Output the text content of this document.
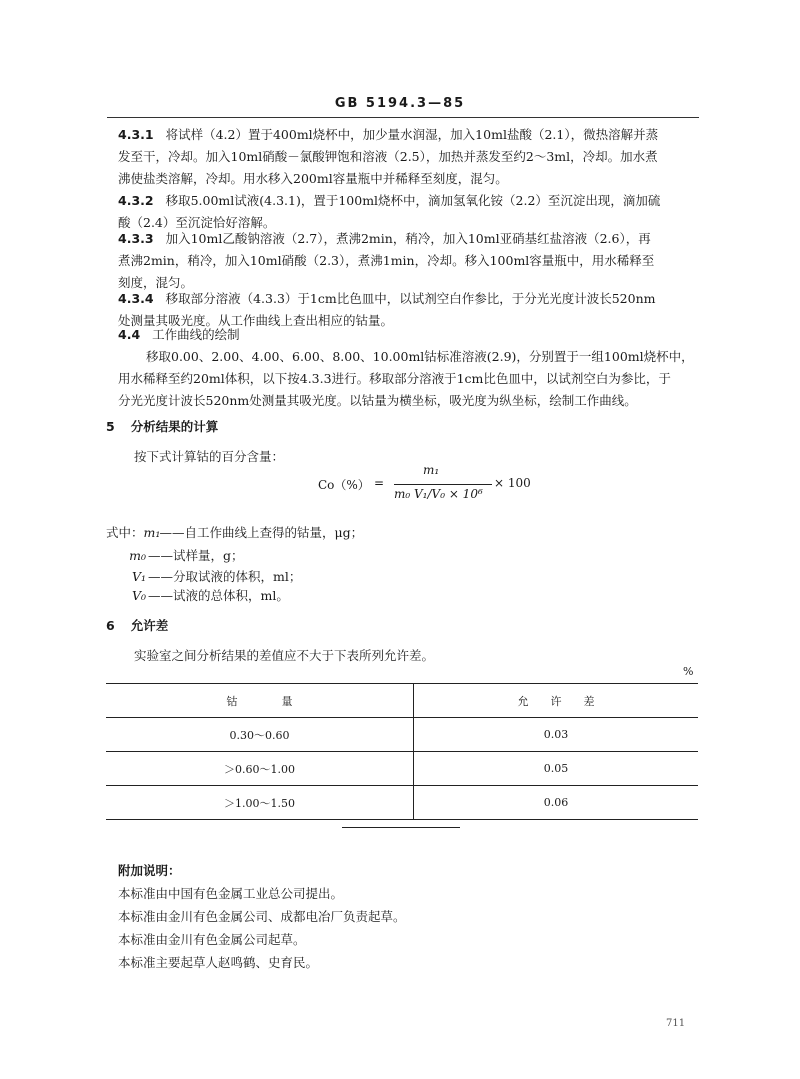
GB 5194.3—85
4.3.1 将试样（4.2）置于400ml烧杯中，加少量水润湿，加入10ml盐酸（2.1），微热溶解并蒸
发至干，冷却。加入10ml硝酸－氯酸钾饱和溶液（2.5），加热并蒸发至约2～3ml，冷却。加水煮
沸使盐类溶解，冷却。用水移入200ml容量瓶中并稀释至刻度，混匀。
4.3.2 移取5.00ml试液(4.3.1)，置于100ml烧杯中，滴加氢氧化铵（2.2）至沉淀出现，滴加硫
酸（2.4）至沉淀恰好溶解。
4.3.3 加入10ml乙酸钠溶液（2.7），煮沸2min，稍冷，加入10ml亚硝基红盐溶液（2.6），再
煮沸2min，稍冷，加入10ml硝酸（2.3），煮沸1min，冷却。移入100ml容量瓶中，用水稀释至
刻度，混匀。
4.3.4 移取部分溶液（4.3.3）于1cm比色皿中，以试剂空白作参比，于分光光度计波长520nm
处测量其吸光度。从工作曲线上查出相应的钴量。
4.4 工作曲线的绘制
移取0.00、2.00、4.00、6.00、8.00、10.00ml钴标准溶液(2.9)，分别置于一组100ml烧杯中，
用水稀释至约20ml体积，以下按4.3.3进行。移取部分溶液于1cm比色皿中，以试剂空白为参比，于
分光光度计波长520nm处测量其吸光度。以钴量为横坐标，吸光度为纵坐标，绘制工作曲线。
5 分析结果的计算
按下式计算钴的百分含量：
Co（%） =
m₁
m₀ V₁/V₀ × 10⁶
× 100
式中：m₁——自工作曲线上查得的钴量，μg；
m₀ ——试样量，g；
V₁ ——分取试液的体积，ml；
V₀ ——试液的总体积，ml。
6 允许差
实验室之间分析结果的差值应不大于下表所列允许差。
%
钴　　　　量	允　　许　　差
0.30～0.60	0.03
＞0.60～1.00	0.05
＞1.00～1.50	0.06
附加说明：
本标准由中国有色金属工业总公司提出。
本标准由金川有色金属公司、成都电冶厂负责起草。
本标准由金川有色金属公司起草。
本标准主要起草人赵鸣鹤、史育民。
711
